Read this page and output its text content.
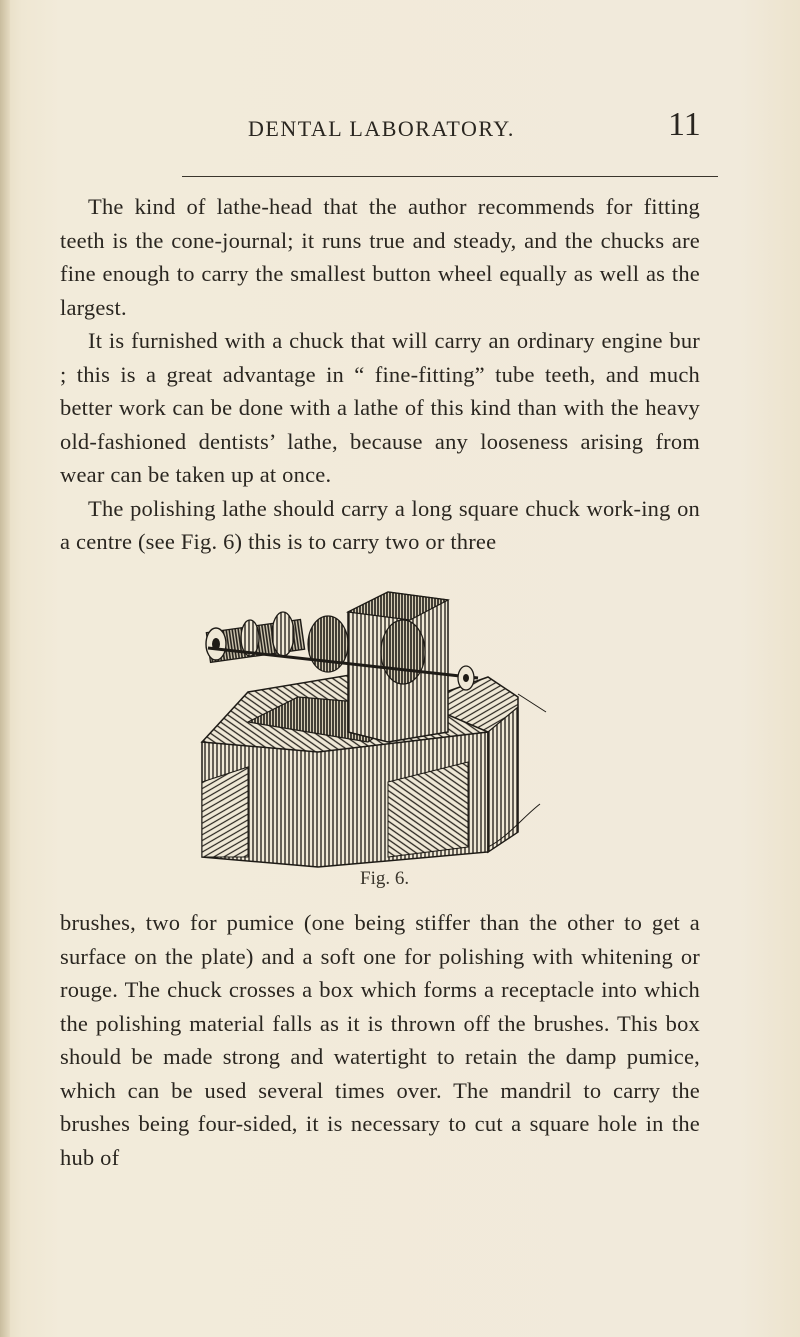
DENTAL LABORATORY.	11

The kind of lathe-head that the author recommends for fitting teeth is the cone-journal; it runs true and steady, and the chucks are fine enough to carry the smallest button wheel equally as well as the largest.

It is furnished with a chuck that will carry an ordinary engine bur ; this is a great advantage in “ fine-fitting” tube teeth, and much better work can be done with a lathe of this kind than with the heavy old-fashioned dentists’ lathe, because any looseness arising from wear can be taken up at once.

The polishing lathe should carry a long square chuck work-ing on a centre (see Fig. 6) this is to carry two or three

Fig. 6.

brushes, two for pumice (one being stiffer than the other to get a surface on the plate) and a soft one for polishing with whitening or rouge. The chuck crosses a box which forms a receptacle into which the polishing material falls as it is thrown off the brushes. This box should be made strong and watertight to retain the damp pumice, which can be used several times over. The mandril to carry the brushes being four-sided, it is necessary to cut a square hole in the hub of
